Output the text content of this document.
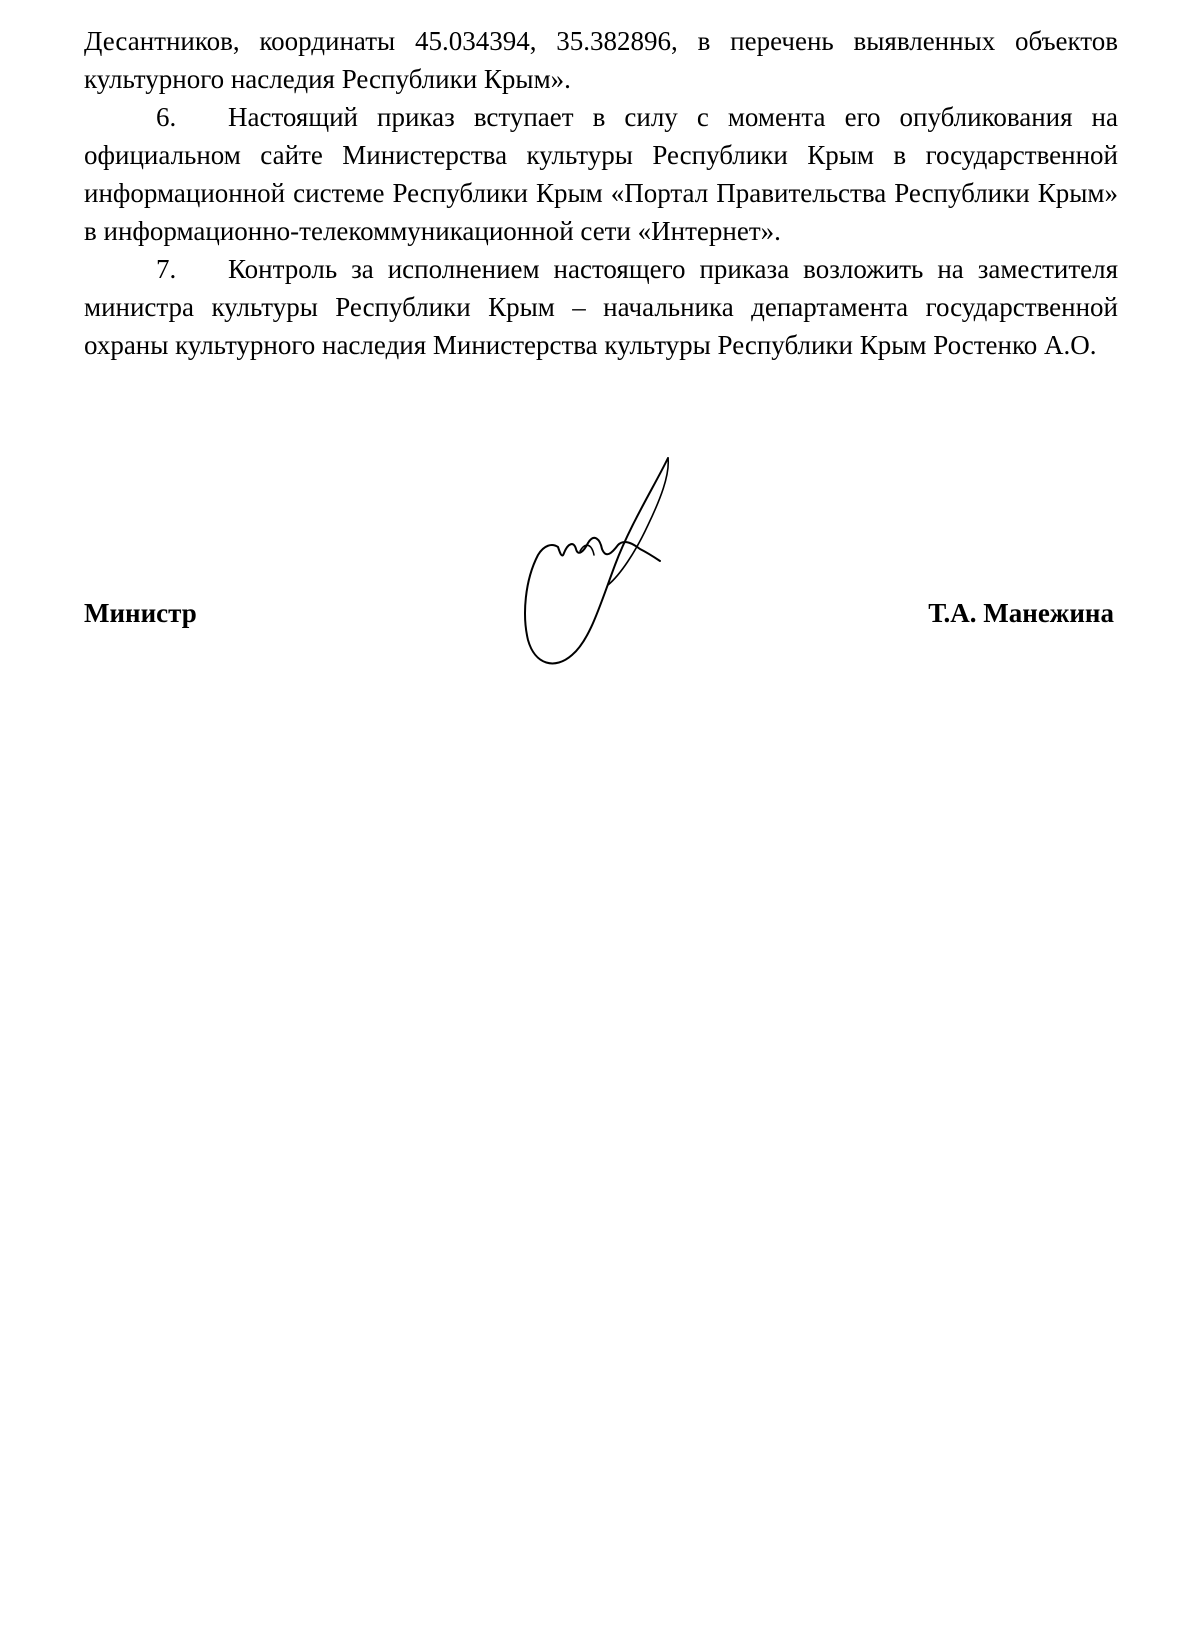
Десантников, координаты 45.034394, 35.382896, в перечень выявленных объектов культурного наследия Республики Крым».

6. Настоящий приказ вступает в силу с момента его опубликования на официальном сайте Министерства культуры Республики Крым в государственной информационной системе Республики Крым «Портал Правительства Республики Крым» в информационно-телекоммуникационной сети «Интернет».

7. Контроль за исполнением настоящего приказа возложить на заместителя министра культуры Республики Крым – начальника департамента государственной охраны культурного наследия Министерства культуры Республики Крым Ростенко А.О.

Министр	Т.А. Манежина
